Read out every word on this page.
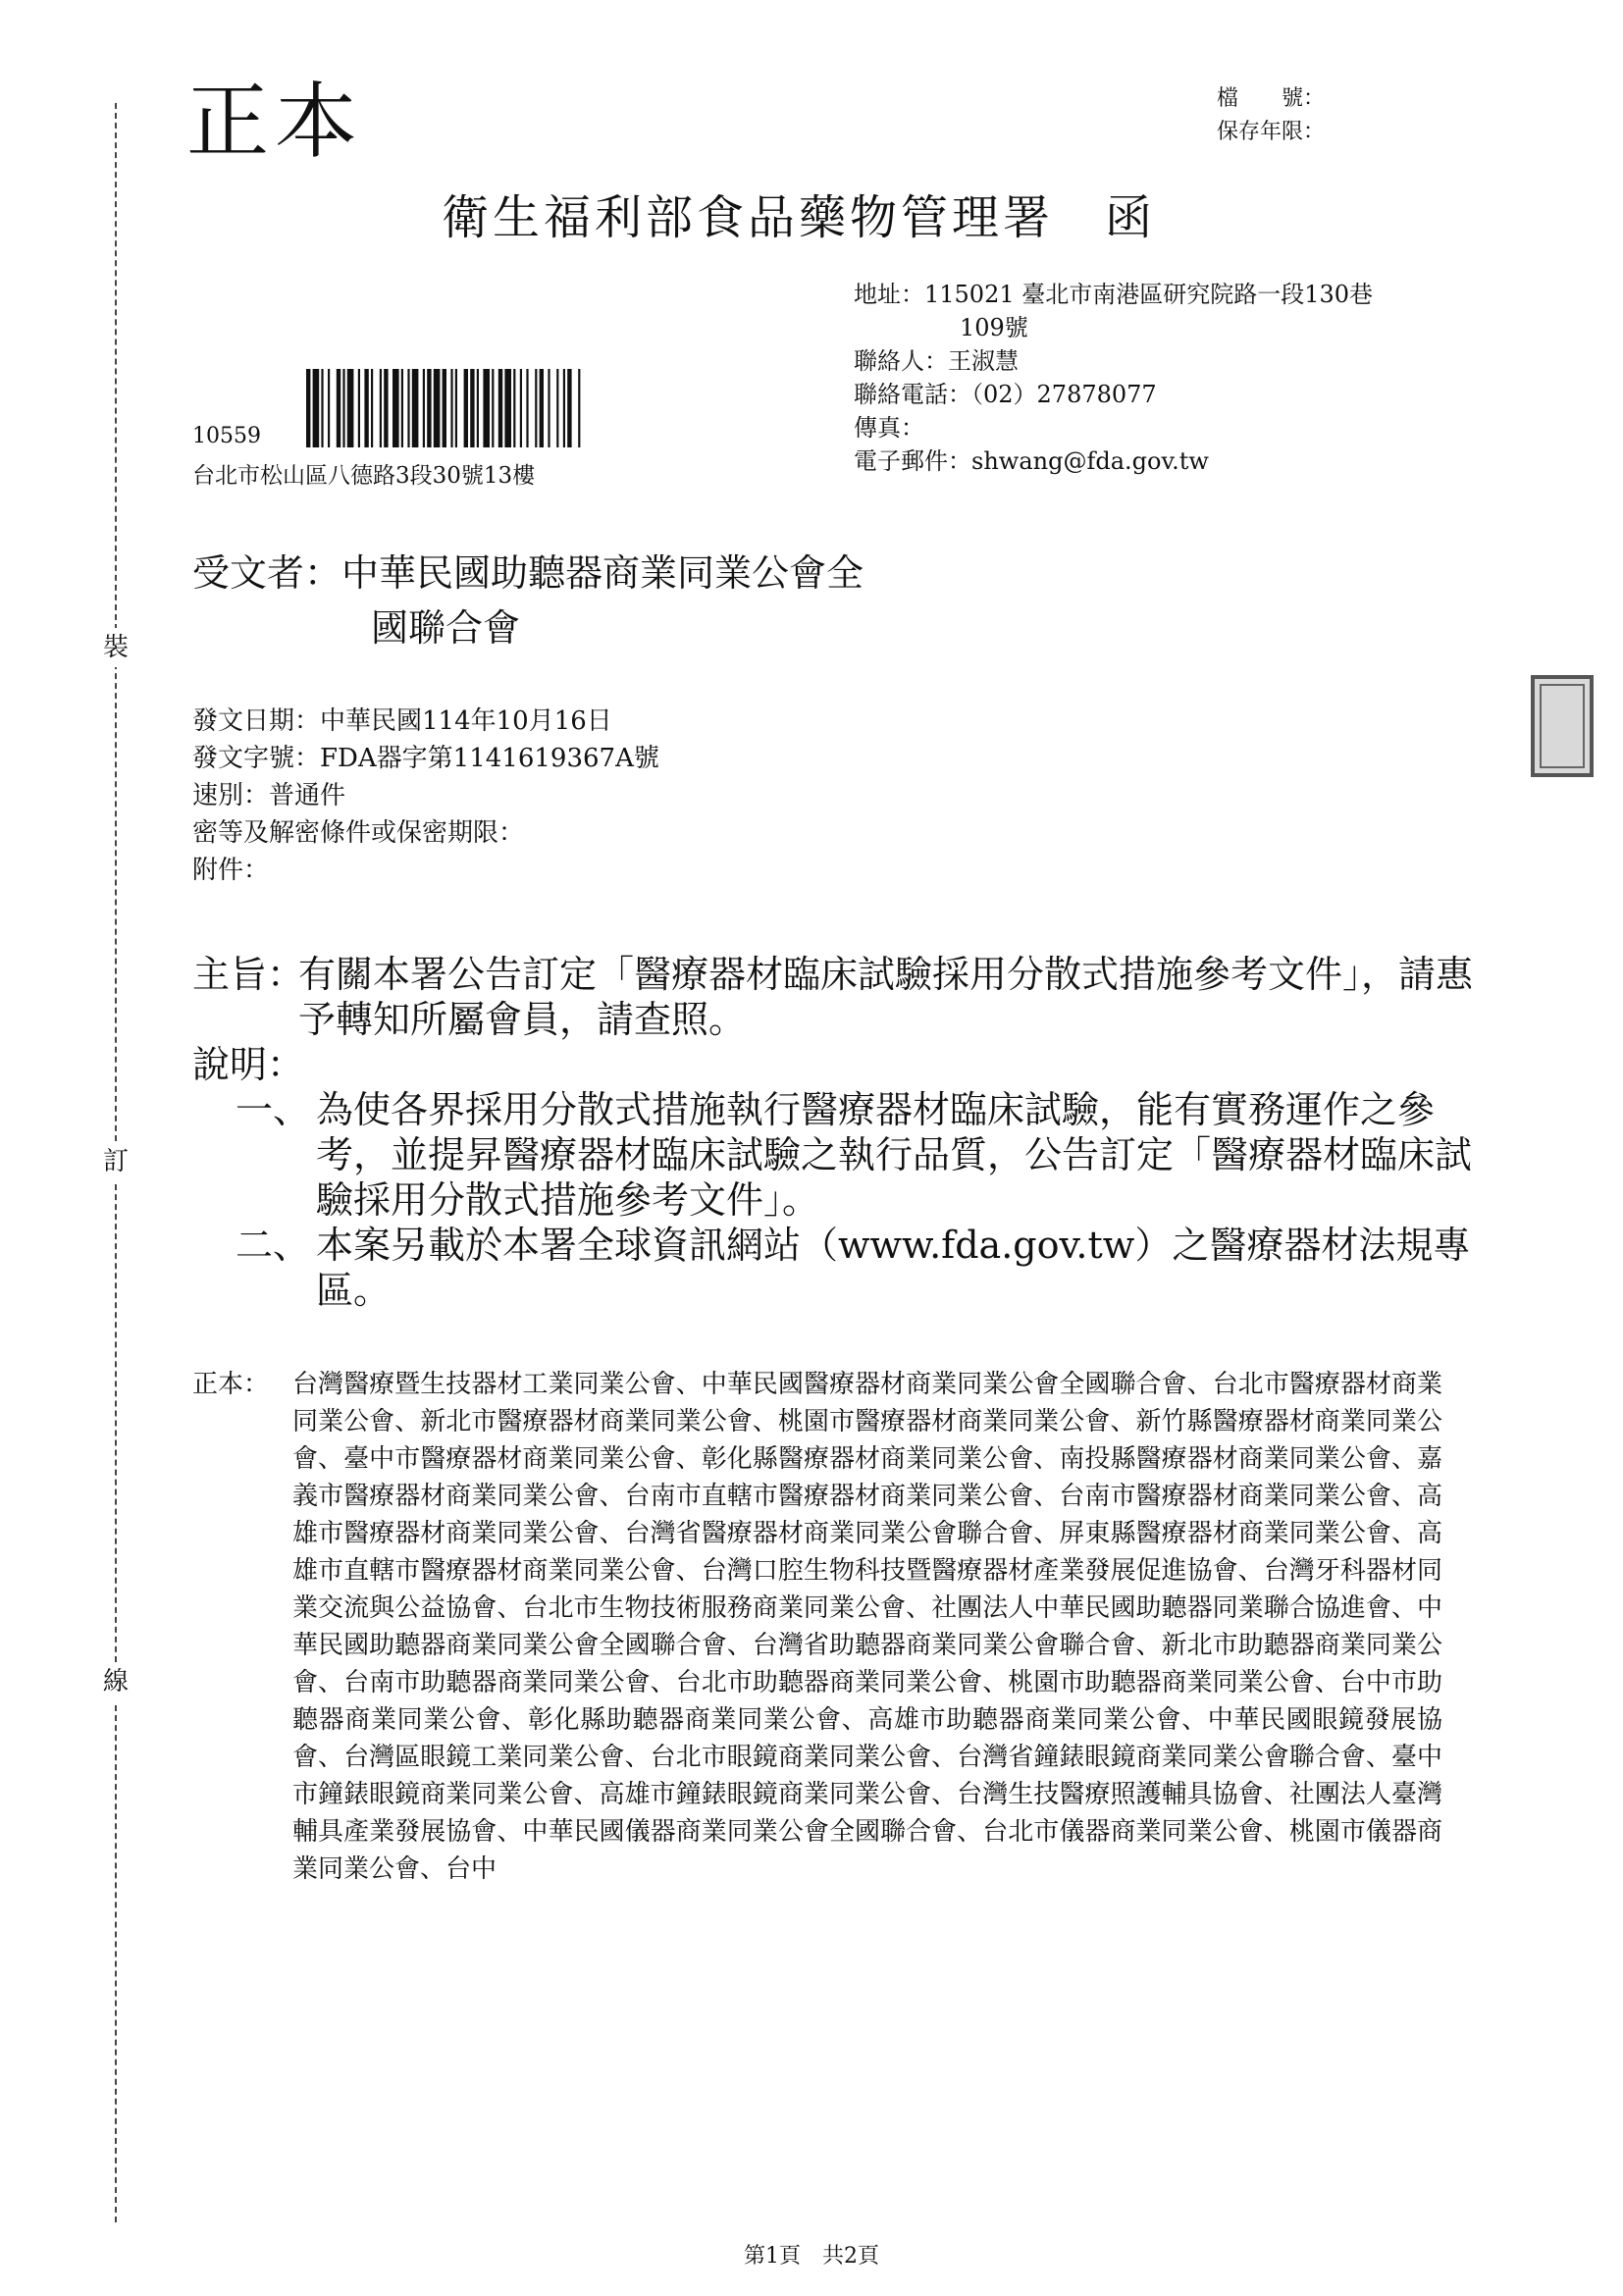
裝
訂
線
正本	檔　　號：
保存年限：
衛生福利部食品藥物管理署　函
地址：115021 臺北市南港區研究院路一段130巷
109號
聯絡人：王淑慧
聯絡電話：（02）27878077
傳真：
電子郵件：shwang@fda.gov.tw
10559
台北市松山區八德路3段30號13樓
受文者：中華民國助聽器商業同業公會全
國聯合會
發文日期：中華民國114年10月16日
發文字號：FDA器字第1141619367A號
速別：普通件
密等及解密條件或保密期限：
附件：
主旨：
有關本署公告訂定「醫療器材臨床試驗採用分散式措施參考文件」，請惠予轉知所屬會員，請查照。
說明：
一、 為使各界採用分散式措施執行醫療器材臨床試驗，能有實務運作之參考，並提昇醫療器材臨床試驗之執行品質，公告訂定「醫療器材臨床試驗採用分散式措施參考文件」。
二、 本案另載於本署全球資訊網站（www.fda.gov.tw）之醫療器材法規專區。
正本： 台灣醫療暨生技器材工業同業公會、中華民國醫療器材商業同業公會全國聯合會、台北市醫療器材商業同業公會、新北市醫療器材商業同業公會、桃園市醫療器材商業同業公會、新竹縣醫療器材商業同業公會、臺中市醫療器材商業同業公會、彰化縣醫療器材商業同業公會、南投縣醫療器材商業同業公會、嘉義市醫療器材商業同業公會、台南市直轄市醫療器材商業同業公會、台南市醫療器材商業同業公會、高雄市醫療器材商業同業公會、台灣省醫療器材商業同業公會聯合會、屏東縣醫療器材商業同業公會、高雄市直轄市醫療器材商業同業公會、台灣口腔生物科技暨醫療器材產業發展促進協會、台灣牙科器材同業交流與公益協會、台北市生物技術服務商業同業公會、社團法人中華民國助聽器同業聯合協進會、中華民國助聽器商業同業公會全國聯合會、台灣省助聽器商業同業公會聯合會、新北市助聽器商業同業公會、台南市助聽器商業同業公會、台北市助聽器商業同業公會、桃園市助聽器商業同業公會、台中市助聽器商業同業公會、彰化縣助聽器商業同業公會、高雄市助聽器商業同業公會、中華民國眼鏡發展協會、台灣區眼鏡工業同業公會、台北市眼鏡商業同業公會、台灣省鐘錶眼鏡商業同業公會聯合會、臺中市鐘錶眼鏡商業同業公會、高雄市鐘錶眼鏡商業同業公會、台灣生技醫療照護輔具協會、社團法人臺灣輔具產業發展協會、中華民國儀器商業同業公會全國聯合會、台北市儀器商業同業公會、桃園市儀器商業同業公會、台中
第1頁　共2頁
